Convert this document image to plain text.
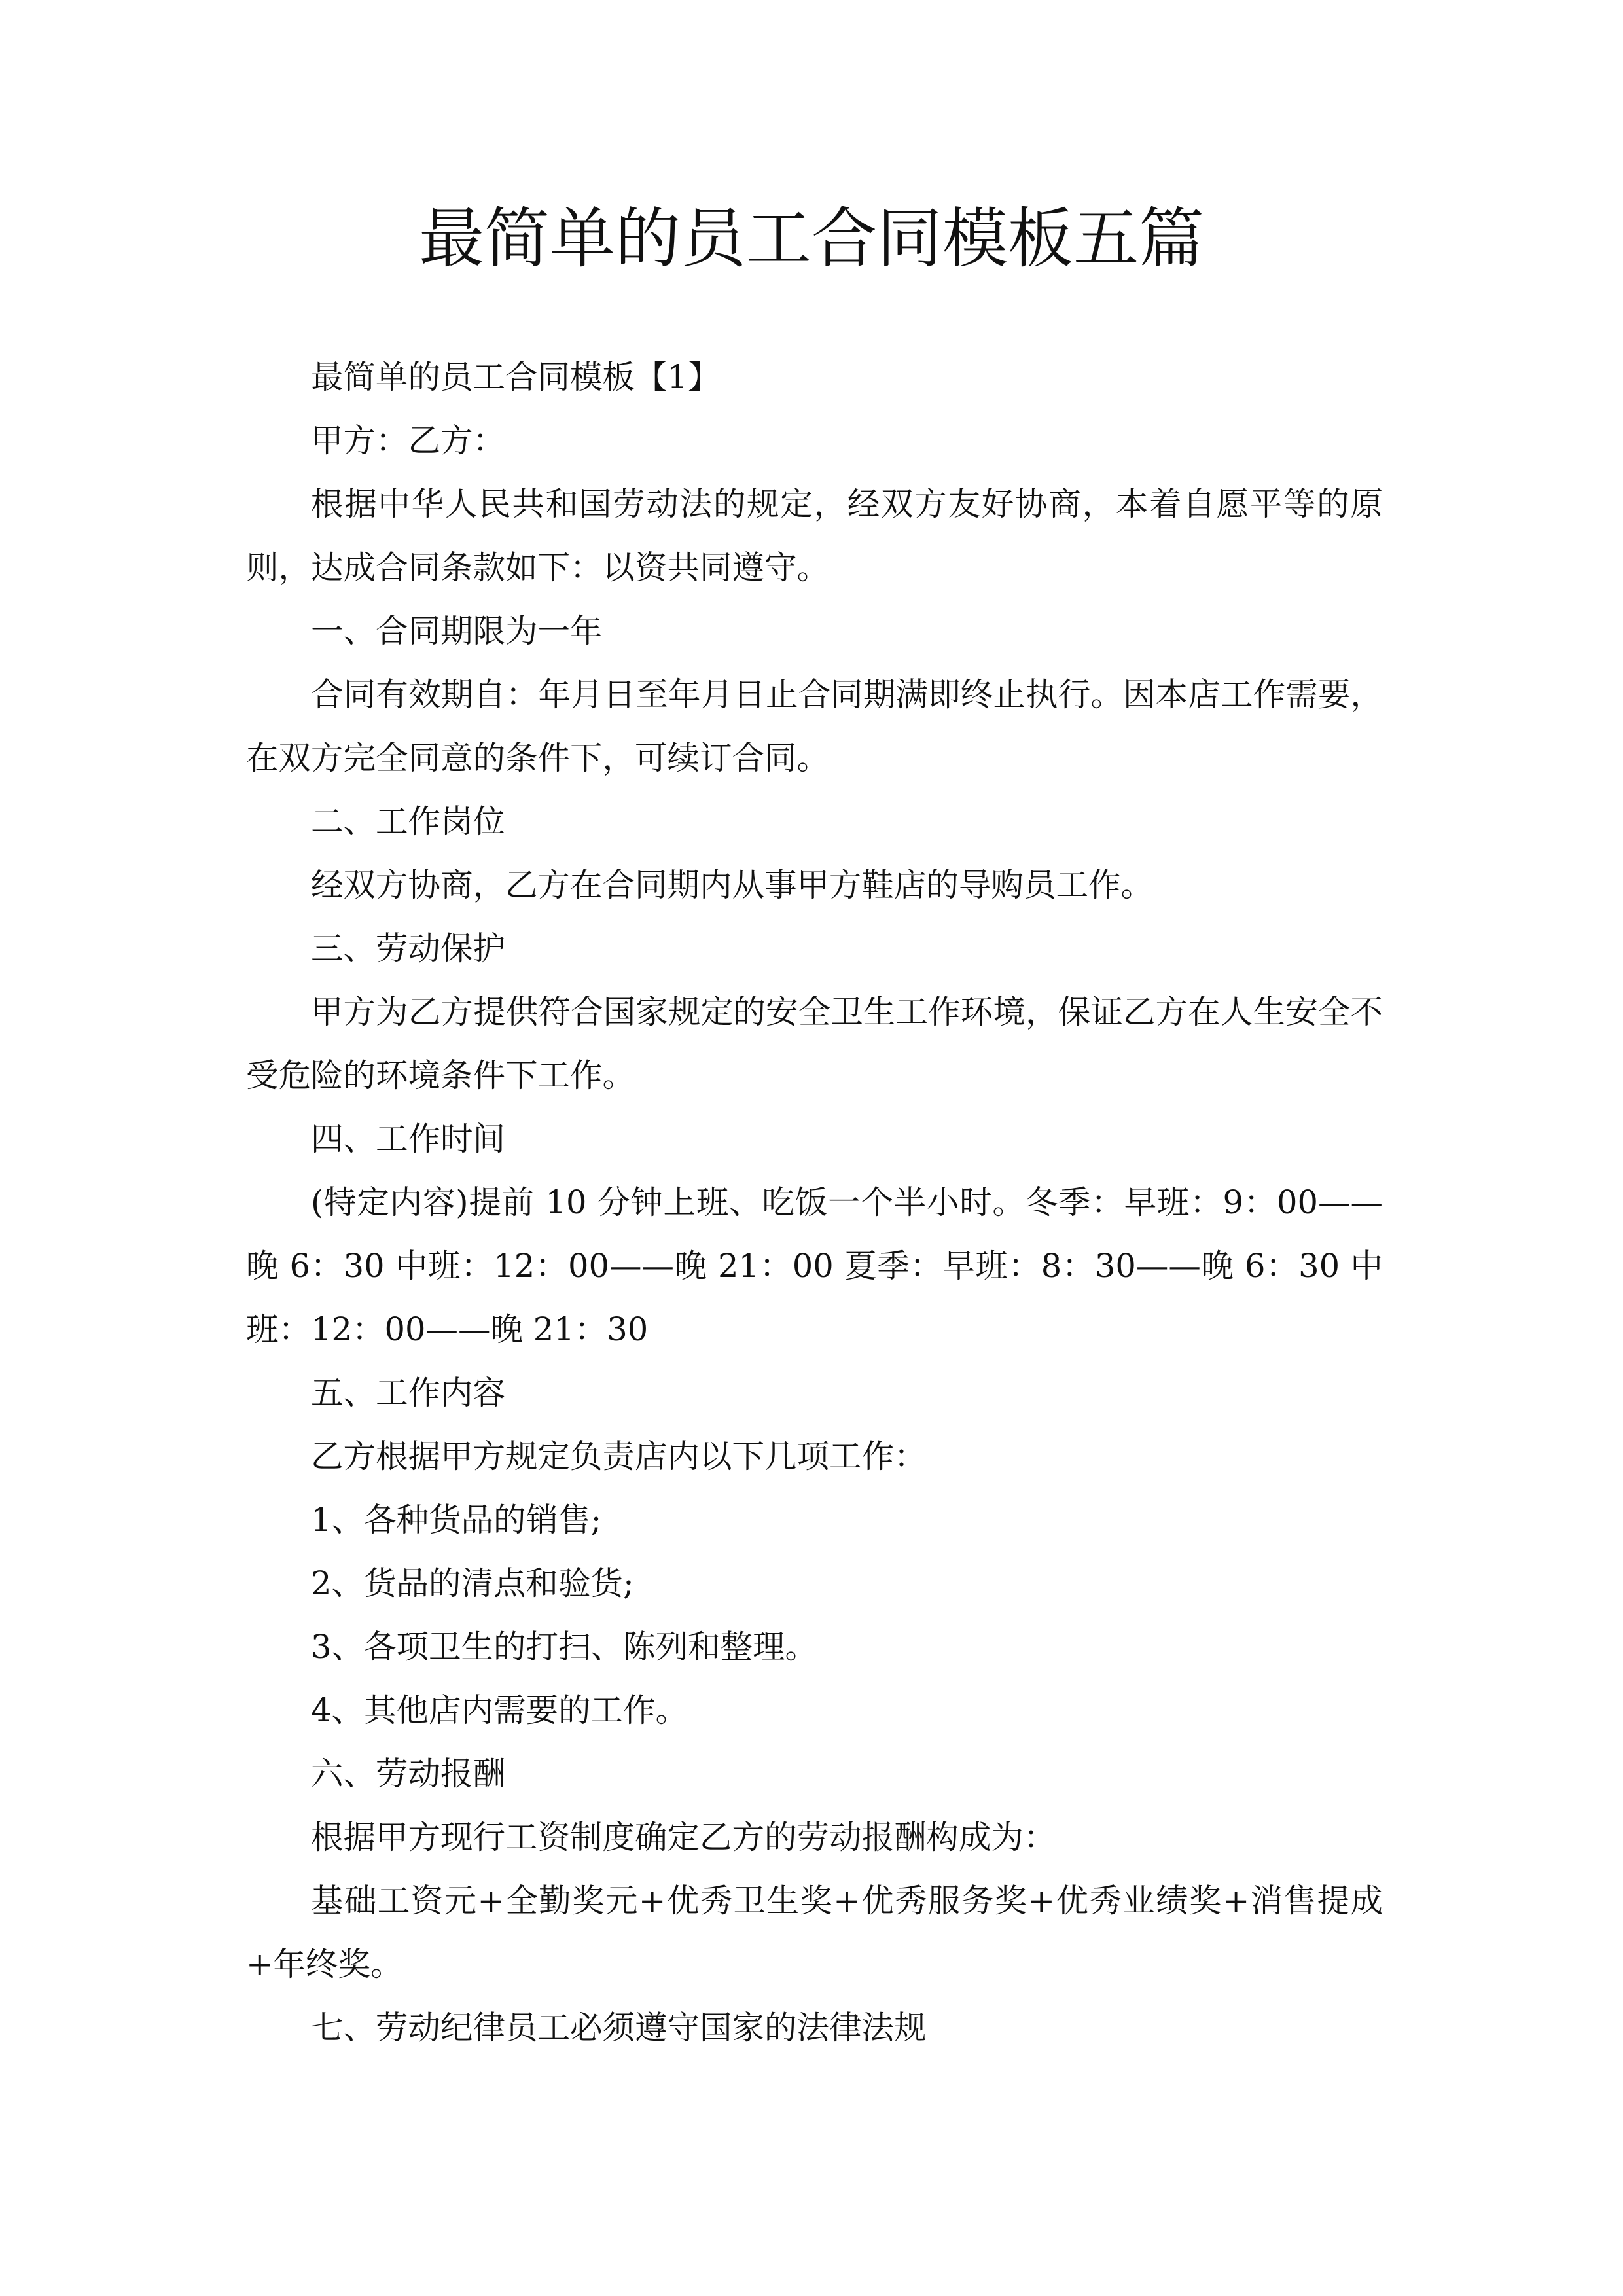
最简单的员工合同模板五篇

最简单的员工合同模板【1】

甲方：乙方：

根据中华人民共和国劳动法的规定，经双方友好协商，本着自愿平等的原则，达成合同条款如下：以资共同遵守。

一、合同期限为一年

合同有效期自：年月日至年月日止合同期满即终止执行。因本店工作需要，在双方完全同意的条件下，可续订合同。

二、工作岗位

经双方协商，乙方在合同期内从事甲方鞋店的导购员工作。

三、劳动保护

甲方为乙方提供符合国家规定的安全卫生工作环境，保证乙方在人生安全不受危险的环境条件下工作。

四、工作时间

(特定内容)提前 10 分钟上班、吃饭一个半小时。冬季：早班：9：00——晚 6：30 中班：12：00——晚 21：00 夏季：早班：8：30——晚 6：30 中班：12：00——晚 21：30

五、工作内容

乙方根据甲方规定负责店内以下几项工作：

1、各种货品的销售;

2、货品的清点和验货;

3、各项卫生的打扫、陈列和整理。

4、其他店内需要的工作。

六、劳动报酬

根据甲方现行工资制度确定乙方的劳动报酬构成为：

基础工资元+全勤奖元+优秀卫生奖+优秀服务奖+优秀业绩奖+消售提成+年终奖。

七、劳动纪律员工必须遵守国家的法律法规
